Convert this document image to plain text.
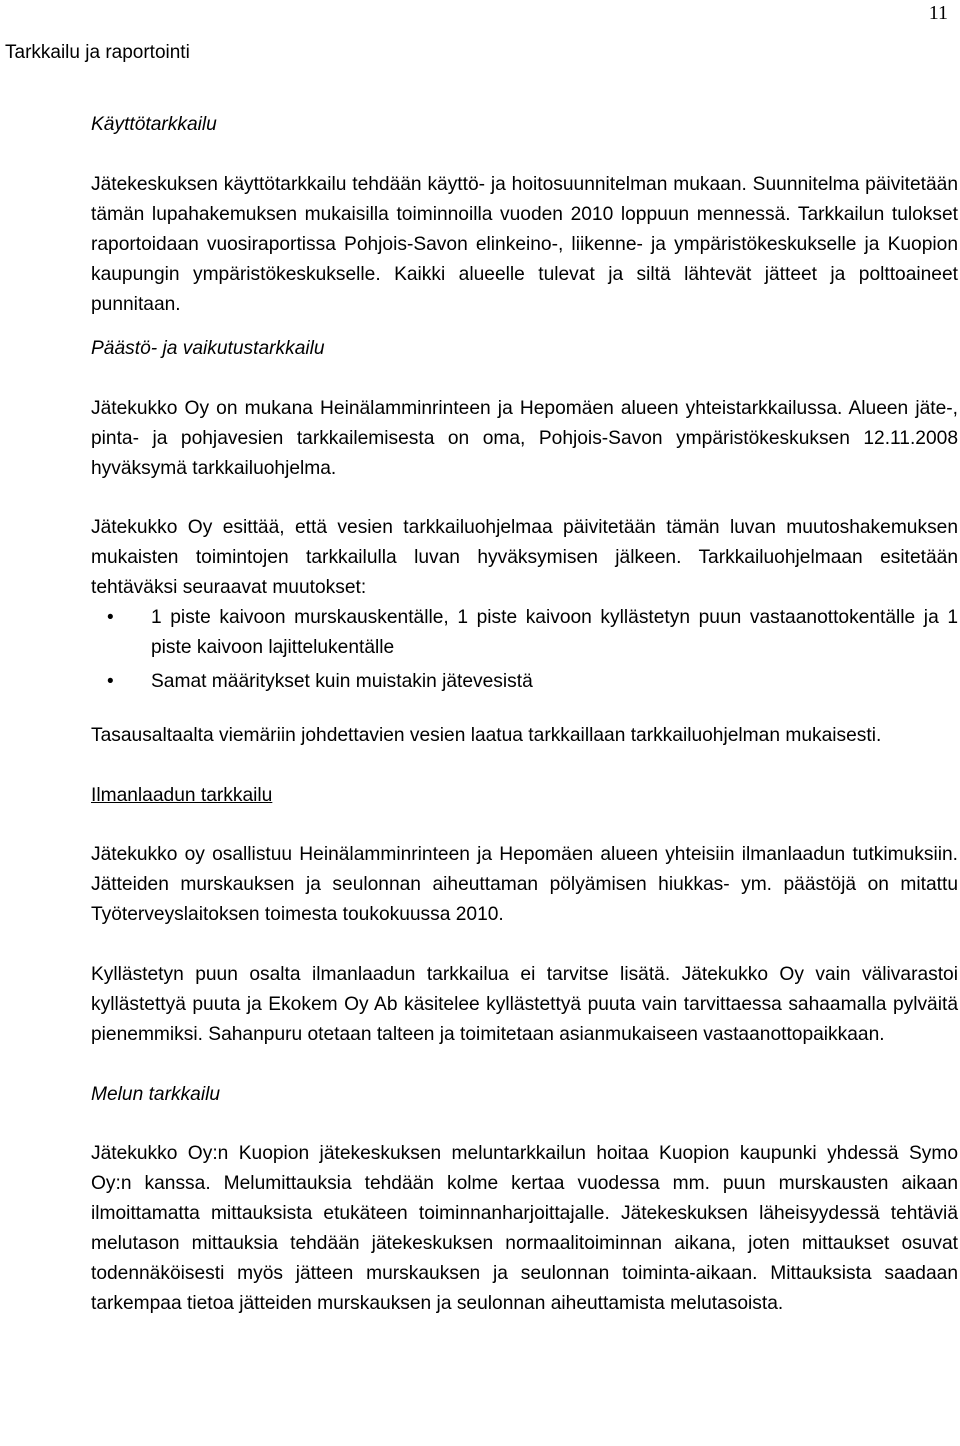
11
Tarkkailu ja raportointi

Käyttötarkkailu

Jätekeskuksen käyttötarkkailu tehdään käyttö- ja hoitosuunnitelman mukaan. Suunnitelma päivitetään tämän lupahakemuksen mukaisilla toiminnoilla vuoden 2010 loppuun mennessä. Tarkkailun tulokset raportoidaan vuosiraportissa Pohjois-Savon elinkeino-, liikenne- ja ympäristökeskukselle ja Kuopion kaupungin ympäristökeskukselle. Kaikki alueelle tulevat ja siltä lähtevät jätteet ja polttoaineet punnitaan.

Päästö- ja vaikutustarkkailu

Jätekukko Oy on mukana Heinälamminrinteen ja Hepomäen alueen yhteistarkkailussa. Alueen jäte-, pinta- ja pohjavesien tarkkailemisesta on oma, Pohjois-Savon ympäristökeskuksen 12.11.2008 hyväksymä tarkkailuohjelma.

Jätekukko Oy esittää, että vesien tarkkailuohjelmaa päivitetään tämän luvan muutoshakemuksen mukaisten toimintojen tarkkailulla luvan hyväksymisen jälkeen. Tarkkailuohjelmaan esitetään tehtäväksi seuraavat muutokset:

• 1 piste kaivoon murskauskentälle, 1 piste kaivoon kyllästetyn puun vastaanottokentälle ja 1 piste kaivoon lajittelukentälle
• Samat määritykset kuin muistakin jätevesistä

Tasausaltaalta viemäriin johdettavien vesien laatua tarkkaillaan tarkkailuohjelman mukaisesti.

Ilmanlaadun tarkkailu

Jätekukko oy osallistuu Heinälamminrinteen ja Hepomäen alueen yhteisiin ilmanlaadun tutkimuksiin. Jätteiden murskauksen ja seulonnan aiheuttaman pölyämisen hiukkas- ym. päästöjä on mitattu Työterveyslaitoksen toimesta toukokuussa 2010.

Kyllästetyn puun osalta ilmanlaadun tarkkailua ei tarvitse lisätä. Jätekukko Oy vain välivarastoi kyllästettyä puuta ja Ekokem Oy Ab käsitelee kyllästettyä puuta vain tarvittaessa sahaamalla pylväitä pienemmiksi. Sahanpuru otetaan talteen ja toimitetaan asianmukaiseen vastaanottopaikkaan.

Melun tarkkailu

Jätekukko Oy:n Kuopion jätekeskuksen meluntarkkailun hoitaa Kuopion kaupunki yhdessä Symo Oy:n kanssa. Melumittauksia tehdään kolme kertaa vuodessa mm. puun murskausten aikaan ilmoittamatta mittauksista etukäteen toiminnanharjoittajalle. Jätekeskuksen läheisyydessä tehtäviä melutason mittauksia tehdään jätekeskuksen normaalitoiminnan aikana, joten mittaukset osuvat todennäköisesti myös jätteen murskauksen ja seulonnan toiminta-aikaan. Mittauksista saadaan tarkempaa tietoa jätteiden murskauksen ja seulonnan aiheuttamista melutasoista.
